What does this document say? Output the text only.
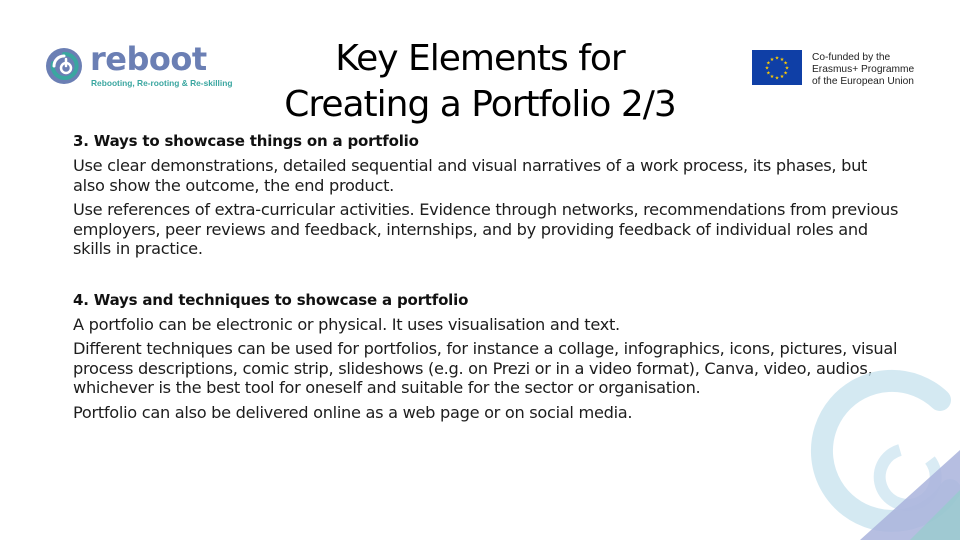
reboot
Rebooting, Re-rooting & Re-skilling
Key Elements for
Creating a Portfolio 2/3
★
★
★
★
★
★
★
★
★ ★ ★
★
Co-funded by the
Erasmus+ Programme
of the European Union
3. Ways to showcase things on a portfolio

Use clear demonstrations, detailed sequential and visual narratives of a work process, its phases, but also show the outcome, the end product.

Use references of extra-curricular activities. Evidence through networks, recommendations from previous employers, peer reviews and feedback, internships, and by providing feedback of individual roles and skills in practice.

4. Ways and techniques to showcase a portfolio

A portfolio can be electronic or physical. It uses visualisation and text.

Different techniques can be used for portfolios, for instance a collage, infographics, icons, pictures, visual process descriptions, comic strip, slideshows (e.g. on Prezi or in a video format), Canva, video, audios, whichever is the best tool for oneself and suitable for the sector or organisation.

Portfolio can also be delivered online as a web page or on social media.
